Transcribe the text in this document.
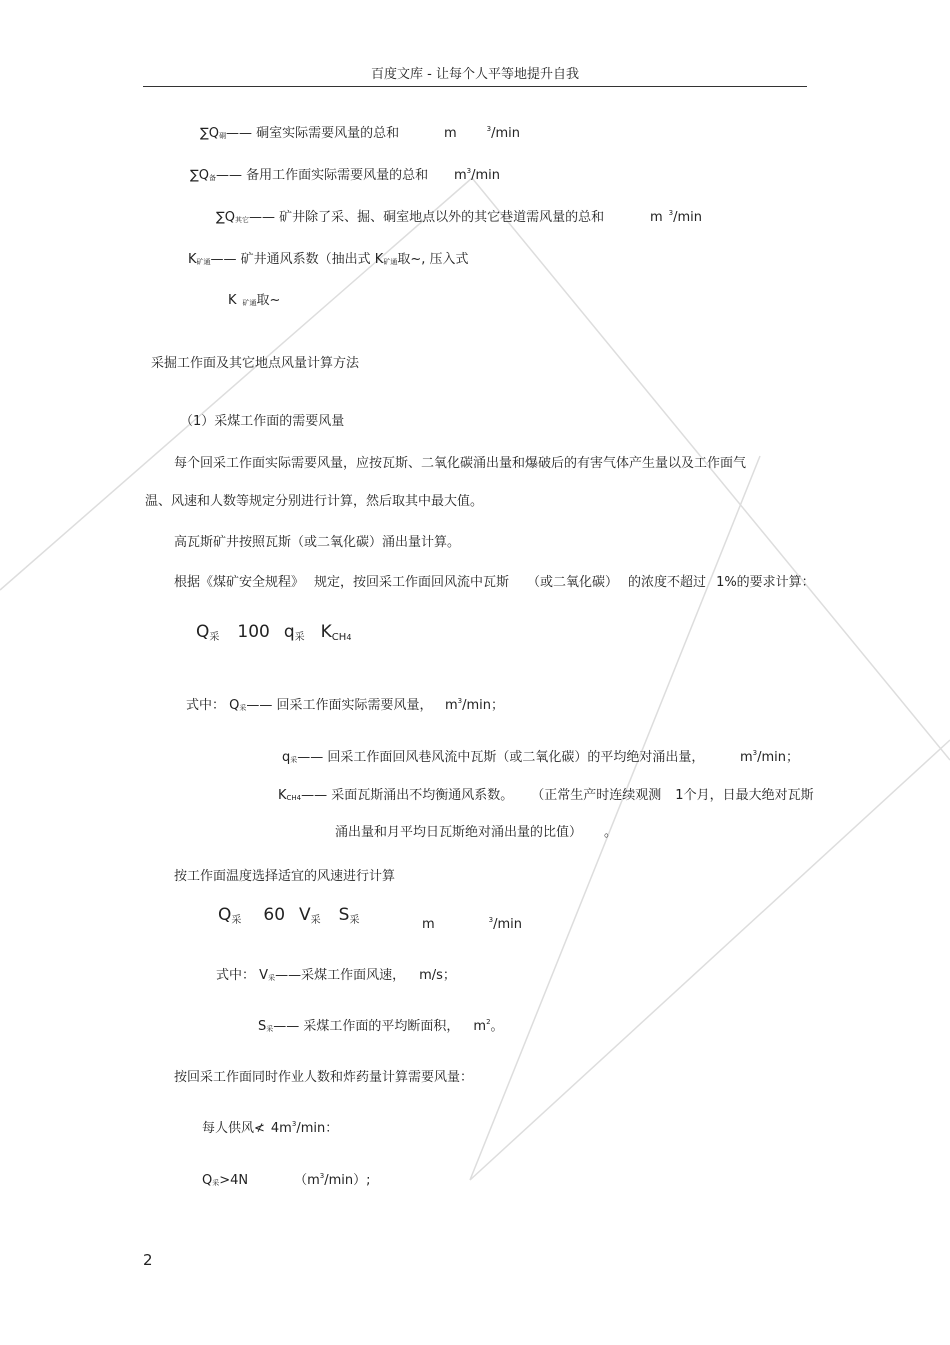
百度文库 - 让每个人平等地提升自我
∑Q硐—— 硐室实际需要风量的总和	m	$^3$/min
∑Q备—— 备用工作面实际需要风量的总和 $m^3/\min$
∑Q其它—— 矿井除了采、掘、硐室地点以外的其它巷道需风量的总和	m $^3$/min
K矿通—— 矿井通风系数（抽出式 K矿通取~, 压入式
K矿通取~
采掘工作面及其它地点风量计算方法
（1）采煤工作面的需要风量
每个回采工作面实际需要风量，应按瓦斯、二氧化碳涌出量和爆破后的有害气体产生量以及工作面气
温、风速和人数等规定分别进行计算，然后取其中最大值。
高瓦斯矿井按照瓦斯（或二氧化碳）涌出量计算。
根据《煤矿安全规程》 规定，按回采工作面回风流中瓦斯 （或二氧化碳） 的浓度不超过 1%的要求计算：
Q采 100 q采 KCH4
式中： Q采—— 回采工作面实际需要风量， $m^3/\min$；
q采—— 回采工作面回风巷风流中瓦斯（或二氧化碳）的平均绝对涌出量，	$m^3/\min$；
KCH4—— 采面瓦斯涌出不均衡通风系数。 （正常生产时连续观测 1个月，日最大绝对瓦斯
涌出量和月平均日瓦斯绝对涌出量的比值） 。
按工作面温度选择适宜的风速进行计算
Q采 60 V采 S采	m	$^3$/min
式中： V采——采煤工作面风速， m/s；
S采—— 采煤工作面的平均断面积， $m^2$。
按回采工作面同时作业人数和炸药量计算需要风量：
每人供风≮ $4m^3/\min$：
Q采>4N	$(m^3/\min)$;
2
